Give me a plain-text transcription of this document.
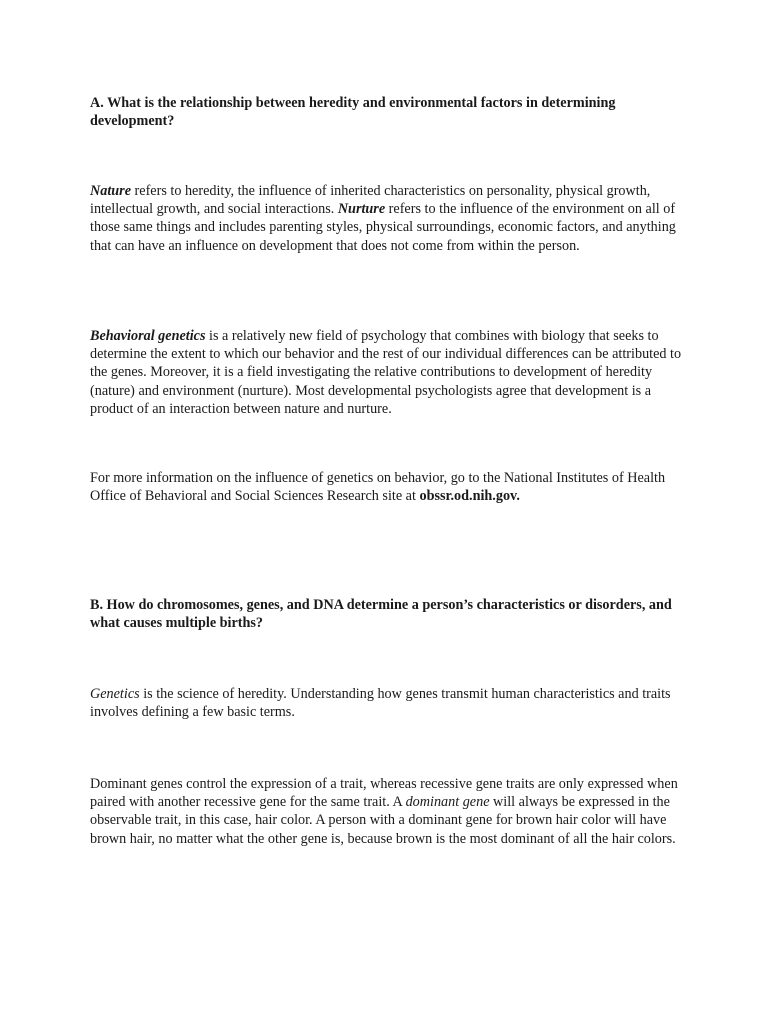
A. What is the relationship between heredity and environmental factors in determining development?

Nature refers to heredity, the influence of inherited characteristics on personality, physical growth, intellectual growth, and social interactions. Nurture refers to the influence of the environment on all of those same things and includes parenting styles, physical surroundings, economic factors, and anything that can have an influence on development that does not come from within the person.

Behavioral genetics is a relatively new field of psychology that combines with biology that seeks to determine the extent to which our behavior and the rest of our individual differences can be attributed to the genes. Moreover, it is a field investigating the relative contributions to development of heredity (nature) and environment (nurture). Most developmental psychologists agree that development is a product of an interaction between nature and nurture.

For more information on the influence of genetics on behavior, go to the National Institutes of Health Office of Behavioral and Social Sciences Research site at obssr.od.nih.gov.

B. How do chromosomes, genes, and DNA determine a person’s characteristics or disorders, and what causes multiple births?

Genetics is the science of heredity. Understanding how genes transmit human characteristics and traits involves defining a few basic terms.

Dominant genes control the expression of a trait, whereas recessive gene traits are only expressed when paired with another recessive gene for the same trait. A dominant gene will always be expressed in the observable trait, in this case, hair color. A person with a dominant gene for brown hair color will have brown hair, no matter what the other gene is, because brown is the most dominant of all the hair colors.
